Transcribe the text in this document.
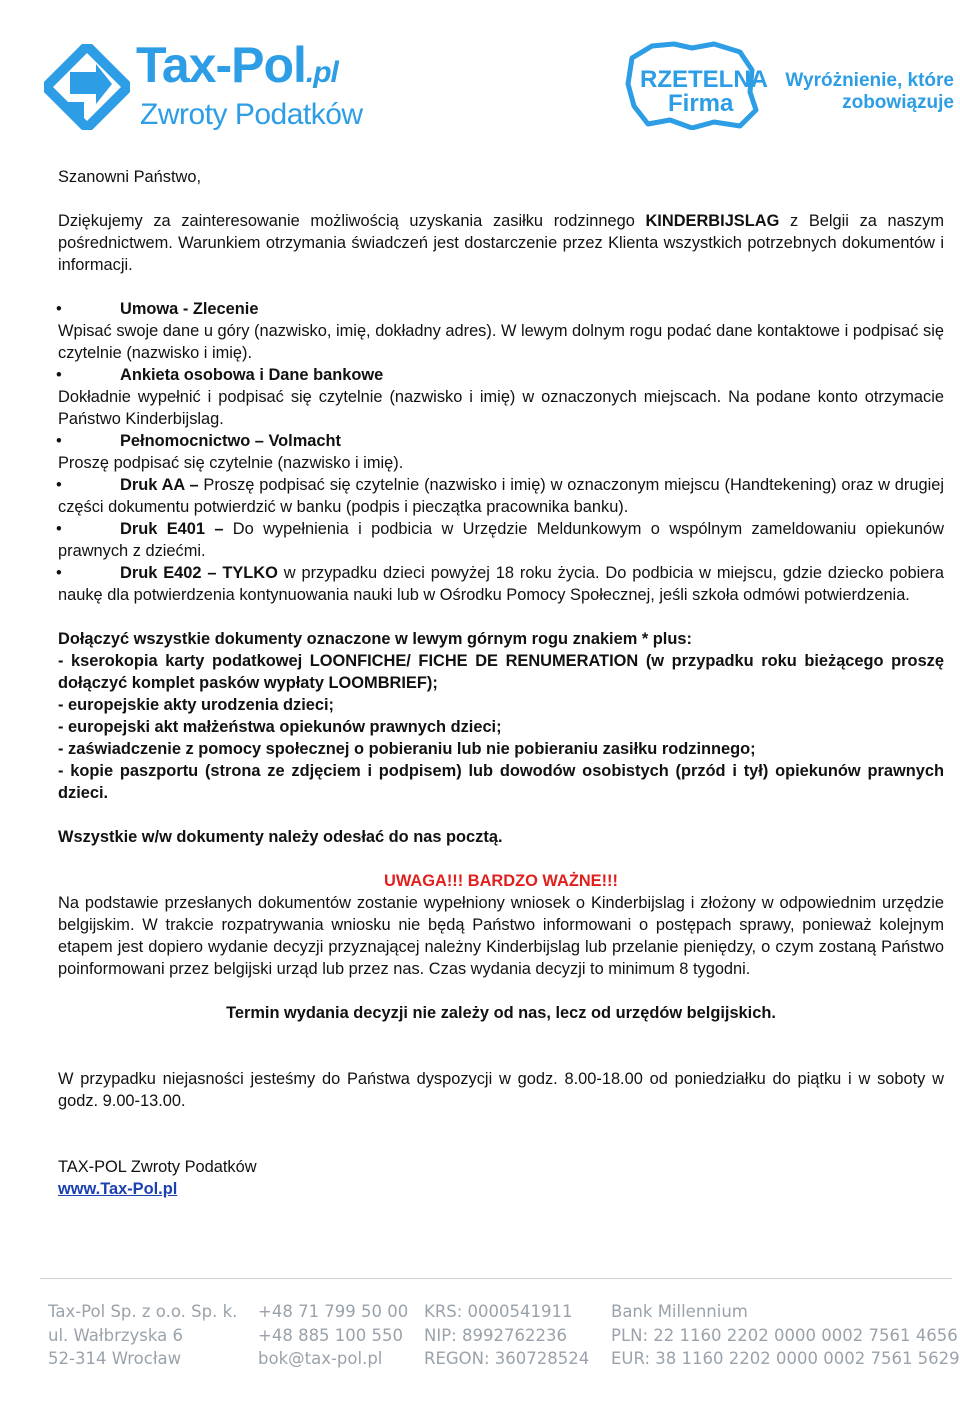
Tax-Pol.pl
Zwroty Podatków
RZETELNA
Firma
Wyróżnienie, które
zobowiązuje

Szanowni Państwo,

Dziękujemy za zainteresowanie możliwością uzyskania zasiłku rodzinnego KINDERBIJSLAG z Belgii za naszym pośrednictwem. Warunkiem otrzymania świadczeń jest dostarczenie przez Klienta wszystkich potrzebnych dokumentów i informacji.

•	Umowa - Zlecenie

Wpisać swoje dane u góry (nazwisko, imię, dokładny adres). W lewym dolnym rogu podać dane kontaktowe i podpisać się czytelnie (nazwisko i imię).

•	Ankieta osobowa i Dane bankowe

Dokładnie wypełnić i podpisać się czytelnie (nazwisko i imię) w oznaczonych miejscach. Na podane konto otrzymacie Państwo Kinderbijslag.

•	Pełnomocnictwo – Volmacht

Proszę podpisać się czytelnie (nazwisko i imię).

•	Druk AA – Proszę podpisać się czytelnie (nazwisko i imię) w oznaczonym miejscu (Handtekening) oraz w drugiej części dokumentu potwierdzić w banku (podpis i pieczątka pracownika banku).

•	Druk E401 – Do wypełnienia i podbicia w Urzędzie Meldunkowym o wspólnym zameldowaniu opiekunów prawnych z dziećmi.

•	Druk E402 – TYLKO w przypadku dzieci powyżej 18 roku życia. Do podbicia w miejscu, gdzie dziecko pobiera naukę dla potwierdzenia kontynuowania nauki lub w Ośrodku Pomocy Społecznej, jeśli szkoła odmówi potwierdzenia.

Dołączyć wszystkie dokumenty oznaczone w lewym górnym rogu znakiem * plus:

- kserokopia karty podatkowej LOONFICHE/ FICHE DE RENUMERATION (w przypadku roku bieżącego proszę dołączyć komplet pasków wypłaty LOOMBRIEF);

- europejskie akty urodzenia dzieci;

- europejski akt małżeństwa opiekunów prawnych dzieci;

- zaświadczenie z pomocy społecznej o pobieraniu lub nie pobieraniu zasiłku rodzinnego;

- kopie paszportu (strona ze zdjęciem i podpisem) lub dowodów osobistych (przód i tył) opiekunów prawnych dzieci.

Wszystkie w/w dokumenty należy odesłać do nas pocztą.

UWAGA!!! BARDZO WAŻNE!!!

Na podstawie przesłanych dokumentów zostanie wypełniony wniosek o Kinderbijslag i złożony w odpowiednim urzędzie belgijskim. W trakcie rozpatrywania wniosku nie będą Państwo informowani o postępach sprawy, ponieważ kolejnym etapem jest dopiero wydanie decyzji przyznającej należny Kinderbijslag lub przelanie pieniędzy, o czym zostaną Państwo poinformowani przez belgijski urząd lub przez nas. Czas wydania decyzji to minimum 8 tygodni.

Termin wydania decyzji nie zależy od nas, lecz od urzędów belgijskich.

W przypadku niejasności jesteśmy do Państwa dyspozycji w godz. 8.00-18.00 od poniedziałku do piątku i w soboty w godz. 9.00-13.00.

TAX-POL Zwroty Podatków

www.Tax-Pol.pl

Tax-Pol Sp. z o.o. Sp. k.
ul. Wałbrzyska 6
52-314 Wrocław
+48 71 799 50 00
+48 885 100 550
bok@tax-pol.pl
KRS: 0000541911
NIP: 8992762236
REGON: 360728524
Bank Millennium
PLN: 22 1160 2202 0000 0002 7561 4656
EUR: 38 1160 2202 0000 0002 7561 5629
